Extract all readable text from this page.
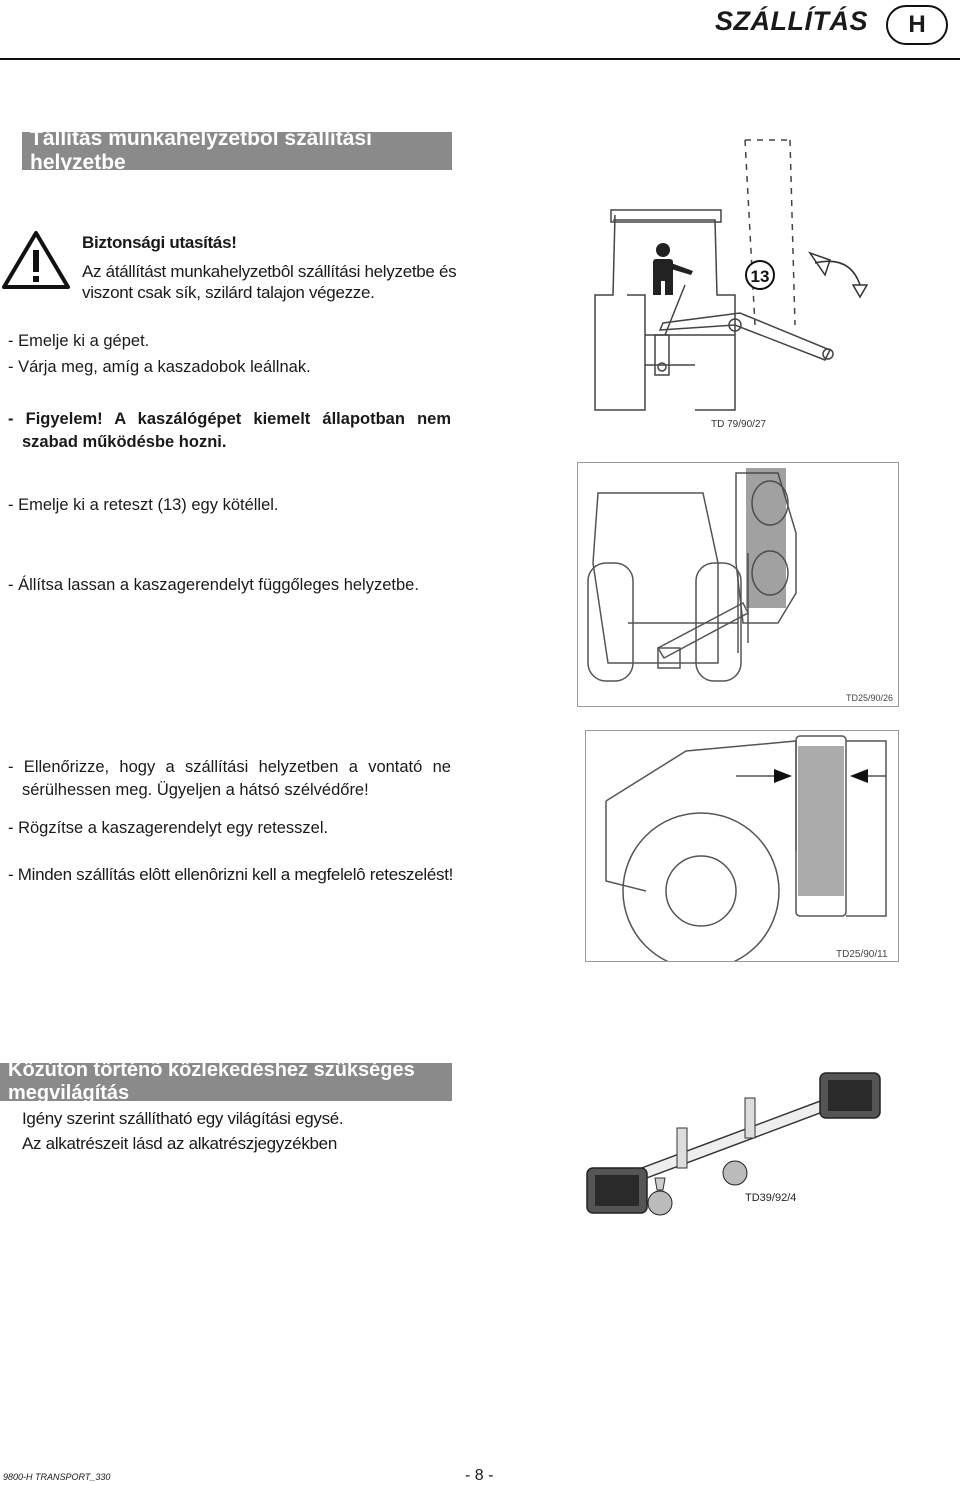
SZÁLLÍTÁS	H
Tállítás munkahelyzetbôl szállítási helyzetbe
Biztonsági utasítás!
Az átállítást munkahelyzetbôl szállítási helyzetbe és
viszont csak sík, szilárd talajon végezze.
- Emelje ki a gépet.
- Várja meg, amíg a kaszadobok leállnak.
- Figyelem! A kaszálógépet kiemelt állapotban nem
szabad működésbe hozni.
- Emelje ki a reteszt (13) egy kötéllel.
- Állítsa lassan a kaszagerendelyt függőleges helyzetbe.
- Ellenőrizze, hogy a szállítási helyzetben a vontató ne
sérülhessen meg. Ügyeljen a hátsó szélvédőre!
- Rögzítse a kaszagerendelyt egy retesszel.
- Minden szállítás elôtt ellenôrizni kell a megfelelô reteszelést!
13
TD 79/90/27
TD25/90/26
TD25/90/11
Közúton történõ közlekedéshez szükséges megvilágítás
Igény szerint szállítható egy világítási egysé.
Az alkatrészeit lásd az alkatrészjegyzékben
TD39/92/4
9800-H TRANSPORT_330	- 8 -
